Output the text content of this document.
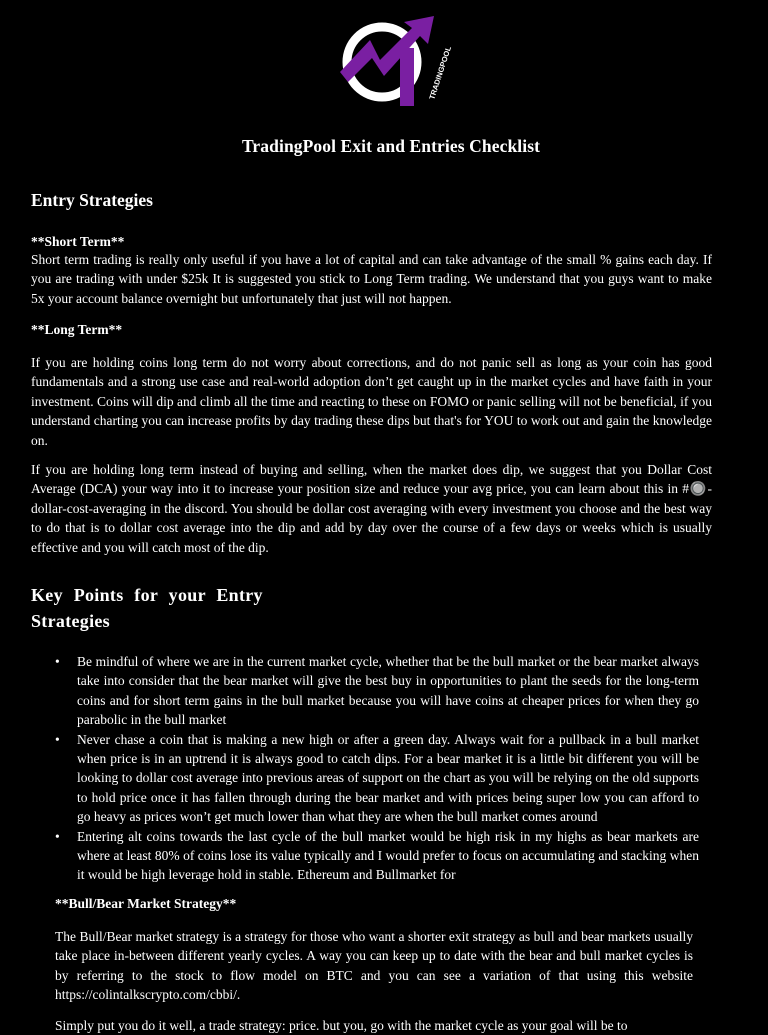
TRADINGPOOL
TradingPool Exit and Entries Checklist
Entry Strategies
**Short Term**
Short term trading is really only useful if you have a lot of capital and can take advantage of the small % gains each day. If you are trading with under $25k It is suggested you stick to Long Term trading. We understand that you guys want to make 5x your account balance overnight but unfortunately that just will not happen.
**Long Term**
If you are holding coins long term do not worry about corrections, and do not panic sell as long as your coin has good fundamentals and a strong use case and real-world adoption don’t get caught up in the market cycles and have faith in your investment. Coins will dip and climb all the time and reacting to these on FOMO or panic selling will not be beneficial, if you understand charting you can increase profits by day trading these dips but that's for YOU to work out and gain the knowledge on.
If you are holding long term instead of buying and selling, when the market does dip, we suggest that you Dollar Cost Average (DCA) your way into it to increase your position size and reduce your avg price, you can learn about this in #🔘-dollar-cost-averaging in the discord. You should be dollar cost averaging with every investment you choose and the best way to do that is to dollar cost average into the dip and add by day over the course of a few days or weeks which is usually effective and you will catch most of the dip.
Key Points for your Entry
Strategies
• Be mindful of where we are in the current market cycle, whether that be the bull market or the bear market always take into consider that the bear market will give the best buy in opportunities to plant the seeds for the long-term coins and for short term gains in the bull market because you will have coins at cheaper prices for when they go parabolic in the bull market
• Never chase a coin that is making a new high or after a green day. Always wait for a pullback in a bull market when price is in an uptrend it is always good to catch dips. For a bear market it is a little bit different you will be looking to dollar cost average into previous areas of support on the chart as you will be relying on the old supports to hold price once it has fallen through during the bear market and with prices being super low you can afford to go heavy as prices won’t get much lower than what they are when the bull market comes around
• Entering alt coins towards the last cycle of the bull market would be high risk in my highs as bear markets are where at least 80% of coins lose its value typically and I would prefer to focus on accumulating and stacking when it would be high leverage hold in stable. Ethereum and Bullmarket for
**Bull/Bear Market Strategy**
The Bull/Bear market strategy is a strategy for those who want a shorter exit strategy as bull and bear markets usually take place in-between different yearly cycles. A way you can keep up to date with the bear and bull market cycles is by referring to the stock to flow model on BTC and you can see a variation of that using this website https://colintalkscrypto.com/cbbi/.
Simply put you do it well, a trade strategy: price. but you, go with the market cycle as your goal will be to
